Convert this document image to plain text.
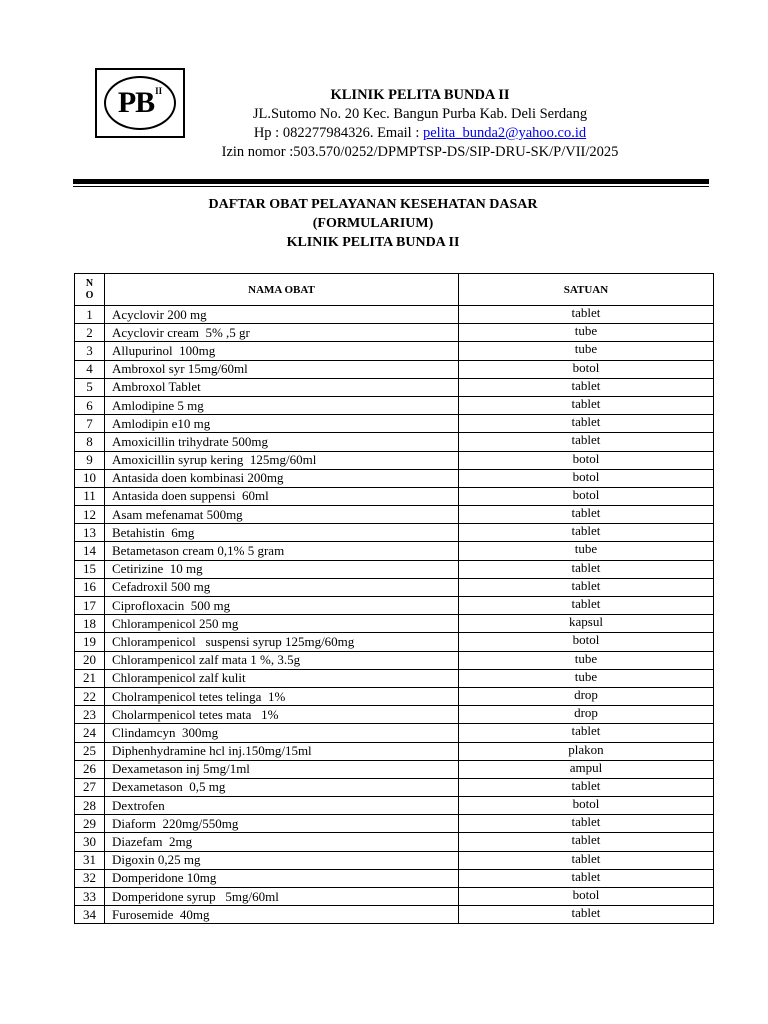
PB II	KLINIK PELITA BUNDA II
JL.Sutomo No. 20 Kec. Bangun Purba Kab. Deli Serdang
Hp : 082277984326. Email : pelita_bunda2@yahoo.co.id
Izin nomor :503.570/0252/DPMPTSP-DS/SIP-DRU-SK/P/VII/2025
DAFTAR OBAT PELAYANAN KESEHATAN DASAR
(FORMULARIUM)
KLINIK PELITA BUNDA II
N
O	NAMA OBAT	SATUAN
1	Acyclovir 200 mg	tablet
2	Acyclovir cream  5% ,5 gr	tube
3	Allupurinol  100mg	tube
4	Ambroxol syr 15mg/60ml	botol
5	Ambroxol Tablet	tablet
6	Amlodipine 5 mg	tablet
7	Amlodipin e10 mg	tablet
8	Amoxicillin trihydrate 500mg	tablet
9	Amoxicillin syrup kering  125mg/60ml	botol
10	Antasida doen kombinasi 200mg	botol
11	Antasida doen suppensi  60ml	botol
12	Asam mefenamat 500mg	tablet
13	Betahistin  6mg	tablet
14	Betametason cream 0,1% 5 gram	tube
15	Cetirizine  10 mg	tablet
16	Cefadroxil 500 mg	tablet
17	Ciprofloxacin  500 mg	tablet
18	Chlorampenicol 250 mg	kapsul
19	Chlorampenicol   suspensi syrup 125mg/60mg	botol
20	Chlorampenicol zalf mata 1 %, 3.5g	tube
21	Chlorampenicol zalf kulit	tube
22	Cholrampenicol tetes telinga  1%	drop
23	Cholarmpenicol tetes mata   1%	drop
24	Clindamcyn  300mg	tablet
25	Diphenhydramine hcl inj.150mg/15ml	plakon
26	Dexametason inj 5mg/1ml	ampul
27	Dexametason  0,5 mg	tablet
28	Dextrofen	botol
29	Diaform  220mg/550mg	tablet
30	Diazefam  2mg	tablet
31	Digoxin 0,25 mg	tablet
32	Domperidone 10mg	tablet
33	Domperidone syrup   5mg/60ml	botol
34	Furosemide  40mg	tablet
